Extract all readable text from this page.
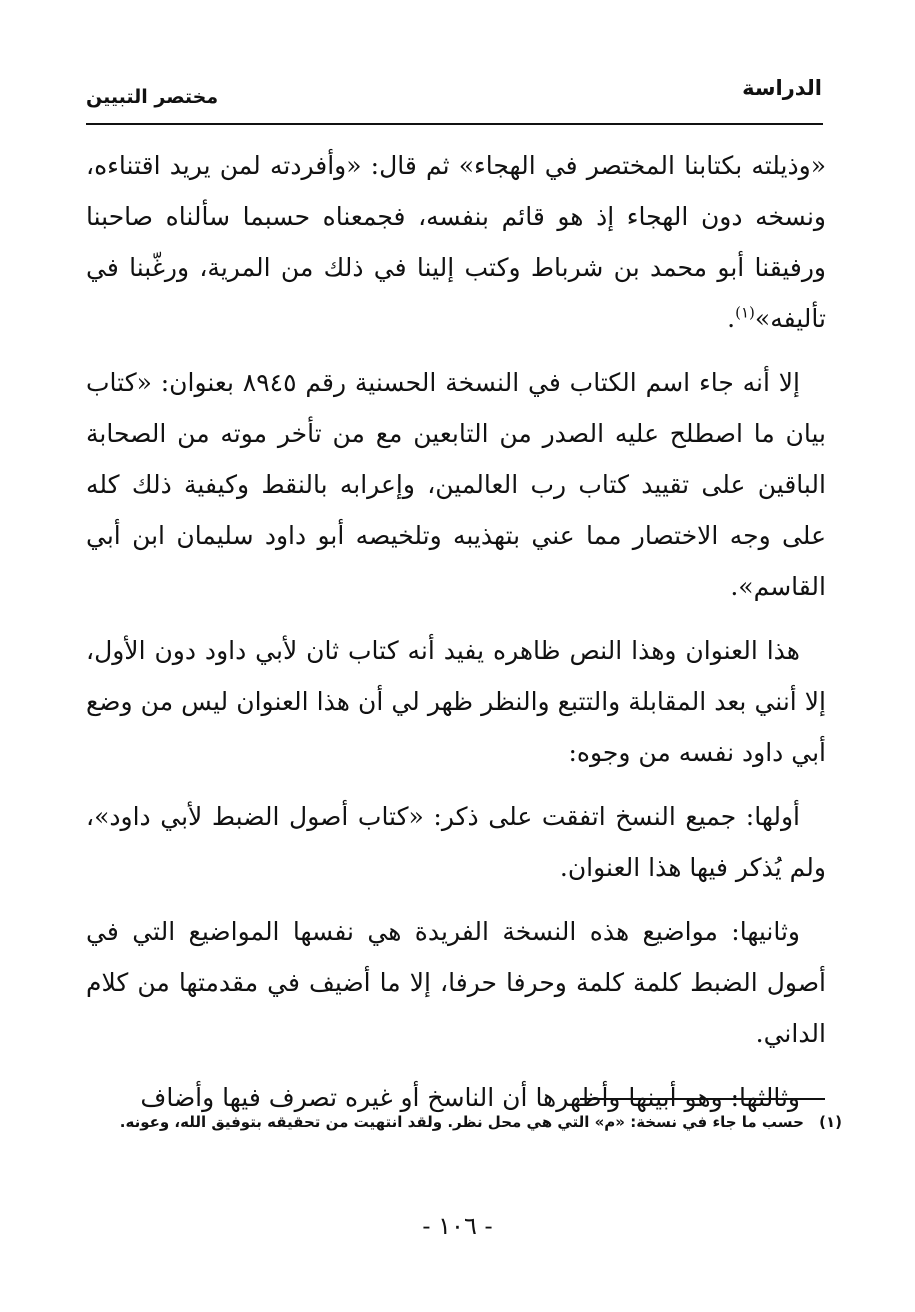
الدراسة
مختصر التبيين

«وذيلته بكتابنا المختصر في الهجاء» ثم قال: «وأفردته لمن يريد اقتناءه، ونسخه دون الهجاء إذ هو قائم بنفسه، فجمعناه حسبما سألناه صاحبنا ورفيقنا أبو محمد بن شرباط وكتب إلينا في ذلك من المرية، ورغّبنا في تأليفه»$^{(١)}$.

إلا أنه جاء اسم الكتاب في النسخة الحسنية رقم ٨٩٤٥ بعنوان: «كتاب بيان ما اصطلح عليه الصدر من التابعين مع من تأخر موته من الصحابة الباقين على تقييد كتاب رب العالمين، وإعرابه بالنقط وكيفية ذلك كله على وجه الاختصار مما عني بتهذيبه وتلخيصه أبو داود سليمان ابن أبي القاسم».

هذا العنوان وهذا النص ظاهره يفيد أنه كتاب ثان لأبي داود دون الأول، إلا أنني بعد المقابلة والتتبع والنظر ظهر لي أن هذا العنوان ليس من وضع أبي داود نفسه من وجوه:

أولها: جميع النسخ اتفقت على ذكر: «كتاب أصول الضبط لأبي داود»، ولم يُذكر فيها هذا العنوان.

وثانيها: مواضيع هذه النسخة الفريدة هي نفسها المواضيع التي في أصول الضبط كلمة كلمة وحرفا حرفا، إلا ما أضيف في مقدمتها من كلام الداني.

وثالثها: وهو أبينها وأظهرها أن الناسخ أو غيره تصرف فيها وأضاف

(١) حسب ما جاء في نسخة: «م» التي هي محل نظر. ولقد انتهيت من تحقيقه بتوفيق الله، وعونه.
- ١٠٦ -
